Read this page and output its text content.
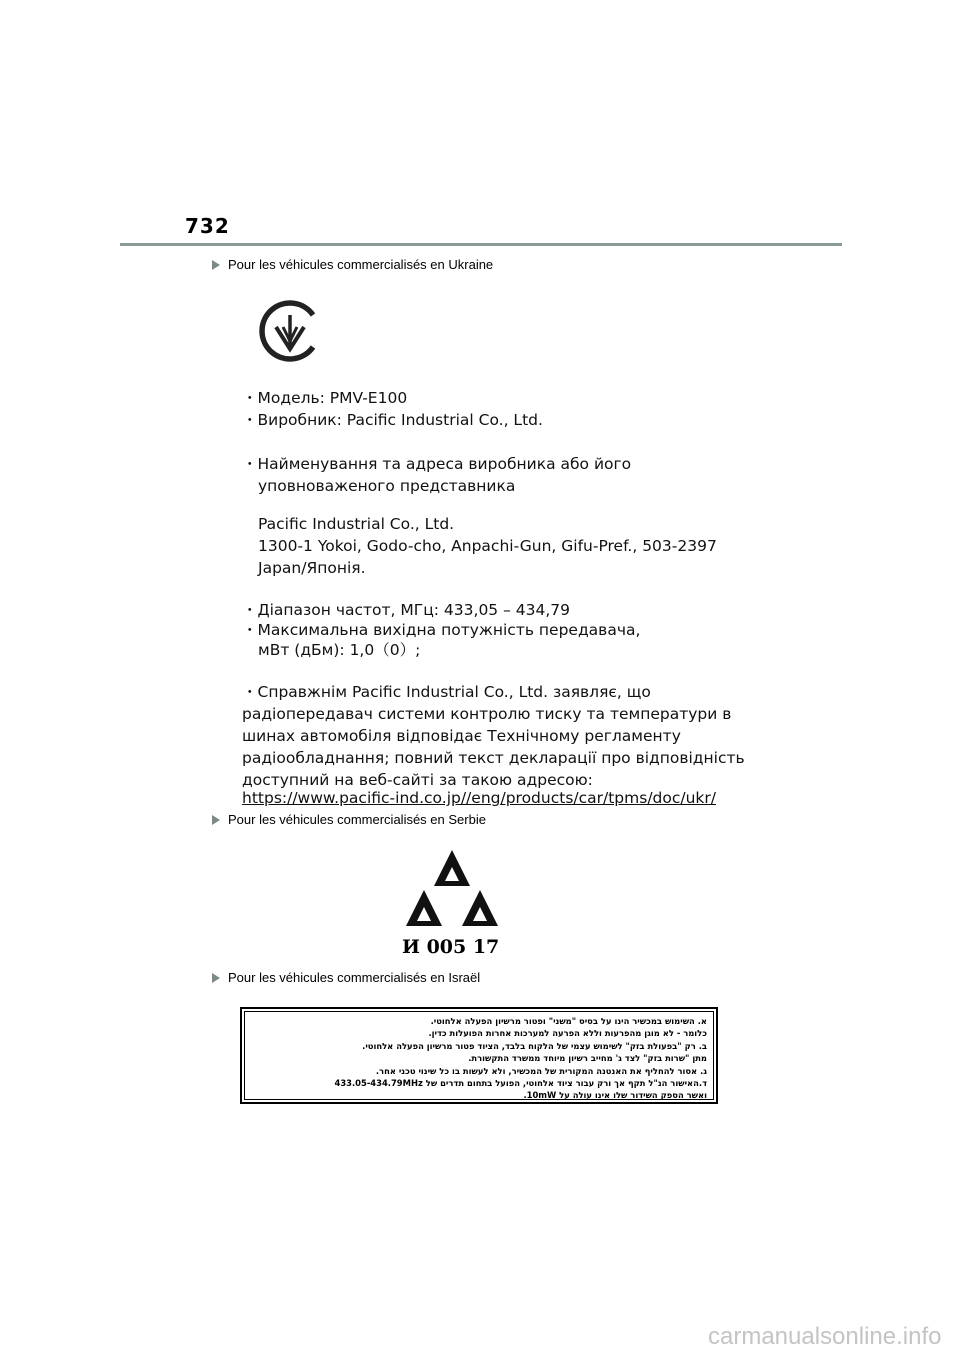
732
Pour les véhicules commercialisés en Ukraine
・Модель: PMV-E100
・Виробник: Pacific Industrial Co., Ltd.
・Найменування та адреса виробника або його
уповноваженого представника
Pacific Industrial Co., Ltd.
1300-1 Yokoi, Godo-cho, Anpachi-Gun, Gifu-Pref., 503-2397
Japan/Японія.
・Діапазон частот, МГц: 433,05 – 434,79
・Максимальна вихідна потужність передавача,
мВт (дБм): 1,0（0）;
・Справжнім Pacific Industrial Co., Ltd. заявляє, що
радіопередавач системи контролю тиску та температури в
шинах автомобіля відповідає Технічному регламенту
радіообладнання; повний текст декларації про відповідність
доступний на веб-сайті за такою адресою:
https://www.pacific-ind.co.jp//eng/products/car/tpms/doc/ukr/
Pour les véhicules commercialisés en Serbie
И 005 17
Pour les véhicules commercialisés en Israël
א. השימוש במכשיר הינו על בסיס "משני" ופטור מרשיון הפעלה אלחוטי.
כלומר - לא מוגן מהפרעות וללא הפרעה למערכות אחרות הפועלות כדין.
ב. רק "בפעולת בזק" לשימוש עצמי של הלקוח בלבד, הציוד פטור מרשיון הפעלה אלחוטי.
מתן "שרות בזק" לצד ג' מחייב רשיון מיוחד ממשרד התקשורת.
ג. אסור להחליף את האנטנה המקורית של המכשיר, ולא לעשות בו כל שינוי טכני אחר.
ד.האישור הנ"ל תקף אך ורק עבור ציוד אלחוטי, הפועל בתחום תדרים של 433.05-434.79MHz
ואשר הספק השידור שלו אינו עולה על 10mW.
carmanualsonline.info
